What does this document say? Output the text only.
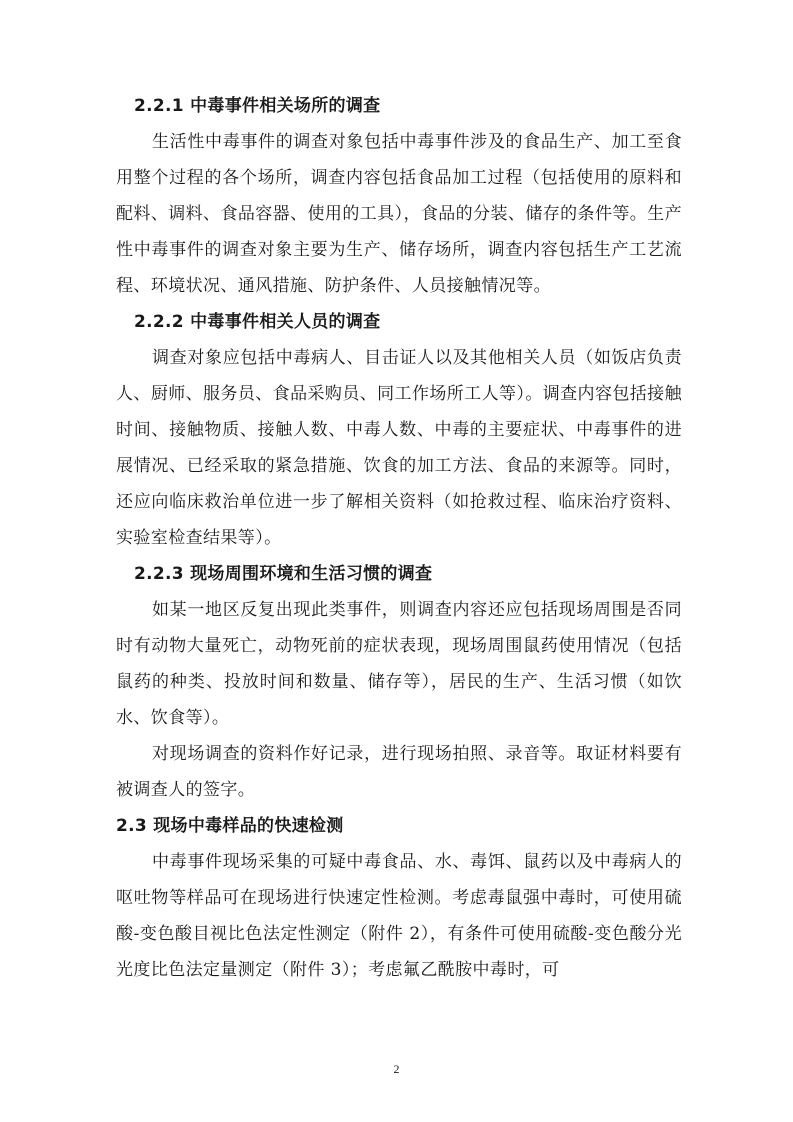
2.2.1 中毒事件相关场所的调查

生活性中毒事件的调查对象包括中毒事件涉及的食品生产、加工至食用整个过程的各个场所，调查内容包括食品加工过程（包括使用的原料和配料、调料、食品容器、使用的工具），食品的分装、储存的条件等。生产性中毒事件的调查对象主要为生产、储存场所，调查内容包括生产工艺流程、环境状况、通风措施、防护条件、人员接触情况等。

2.2.2 中毒事件相关人员的调查

调查对象应包括中毒病人、目击证人以及其他相关人员（如饭店负责人、厨师、服务员、食品采购员、同工作场所工人等）。调查内容包括接触时间、接触物质、接触人数、中毒人数、中毒的主要症状、中毒事件的进展情况、已经采取的紧急措施、饮食的加工方法、食品的来源等。同时，还应向临床救治单位进一步了解相关资料（如抢救过程、临床治疗资料、实验室检查结果等）。

2.2.3 现场周围环境和生活习惯的调查

如某一地区反复出现此类事件，则调查内容还应包括现场周围是否同时有动物大量死亡，动物死前的症状表现，现场周围鼠药使用情况（包括鼠药的种类、投放时间和数量、储存等），居民的生产、生活习惯（如饮水、饮食等）。

对现场调查的资料作好记录，进行现场拍照、录音等。取证材料要有被调查人的签字。

2.3 现场中毒样品的快速检测

中毒事件现场采集的可疑中毒食品、水、毒饵、鼠药以及中毒病人的呕吐物等样品可在现场进行快速定性检测。考虑毒鼠强中毒时，可使用硫酸-变色酸目视比色法定性测定（附件 2），有条件可使用硫酸-变色酸分光光度比色法定量测定（附件 3）；考虑氟乙酰胺中毒时，可

2
